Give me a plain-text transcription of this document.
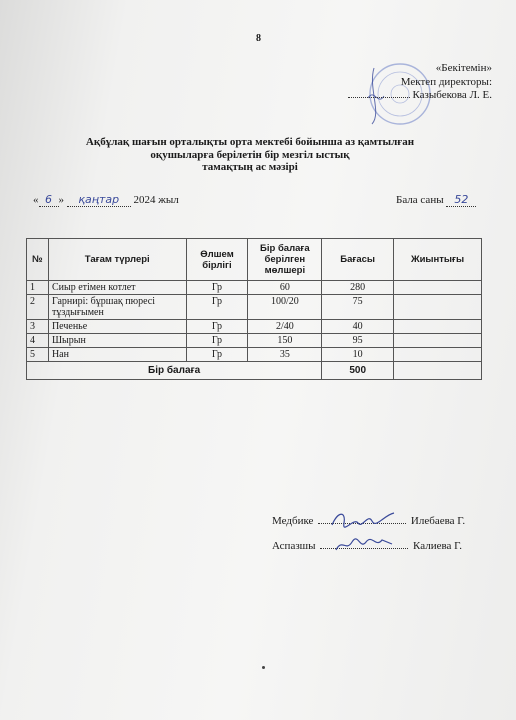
8
«Бекітемін»
Мектеп директоры:
Казыбекова Л. Е.
Ақбұлақ шағын орталықты орта мектебі бойынша аз қамтылған
оқушыларға берілетін бір мезгіл ыстық
тамақтың ас мәзірі
« 6 » қаңтар 2024 жыл	Бала саны 52
№	Тағам түрлері	Өлшем бірлігі	Бір балаға берілген мөлшері	Бағасы	Жиынтығы
1	Сиыр етімен котлет	Гр	60	280	
2	Гарнирі: бұршақ пюресі тұздығымен	Гр	100/20	75	
3	Печенье	Гр	2/40	40	
4	Шырын	Гр	150	95	
5	Нан	Гр	35	10	
Бір балаға				500	
Медбике	Илебаева Г.
Аспазшы	Калиева Г.
